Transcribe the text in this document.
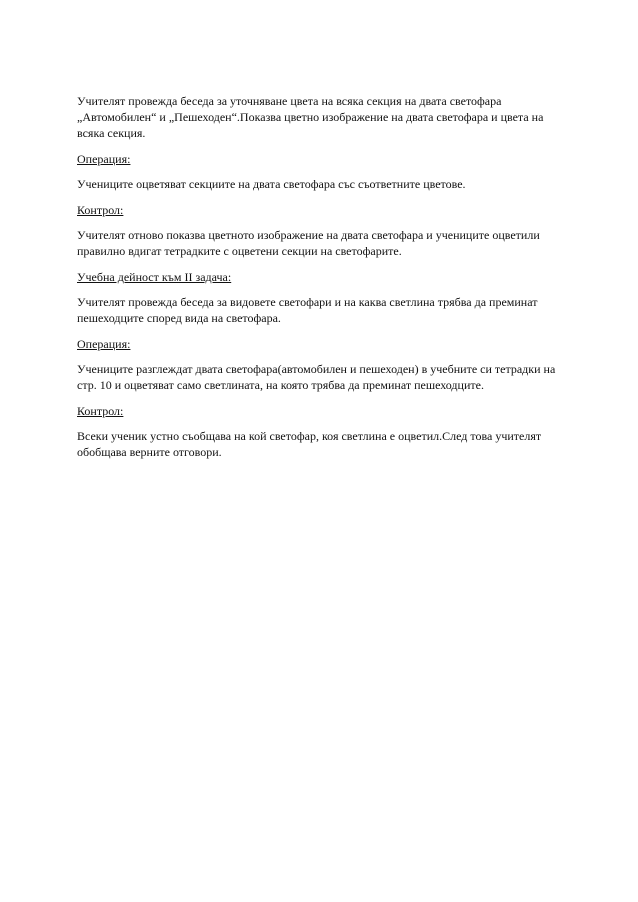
Учителят провежда беседа за уточняване цвета на всяка секция на двата светофара
„Автомобилен“ и „Пешеходен“.Показва цветно изображение на двата светофара и цвета на
всяка секция.
Операция:
Учениците оцветяват секциите на двата светофара със съответните цветове.
Контрол:
Учителят отново показва цветното изображение на двата светофара и учениците оцветили
правилно вдигат тетрадките с оцветени секции на светофарите.
Учебна дейност към II задача:
Учителят провежда беседа за видовете светофари и на каква светлина трябва да преминат
пешеходците според вида на светофара.
Операция:
Учениците разглеждат двата светофара(автомобилен и пешеходен) в учебните си тетрадки на
стр. 10 и оцветяват само светлината, на която трябва да преминат пешеходците.
Контрол:
Всеки ученик устно съобщава на кой светофар, коя светлина е оцветил.След това учителят
обобщава верните отговори.
